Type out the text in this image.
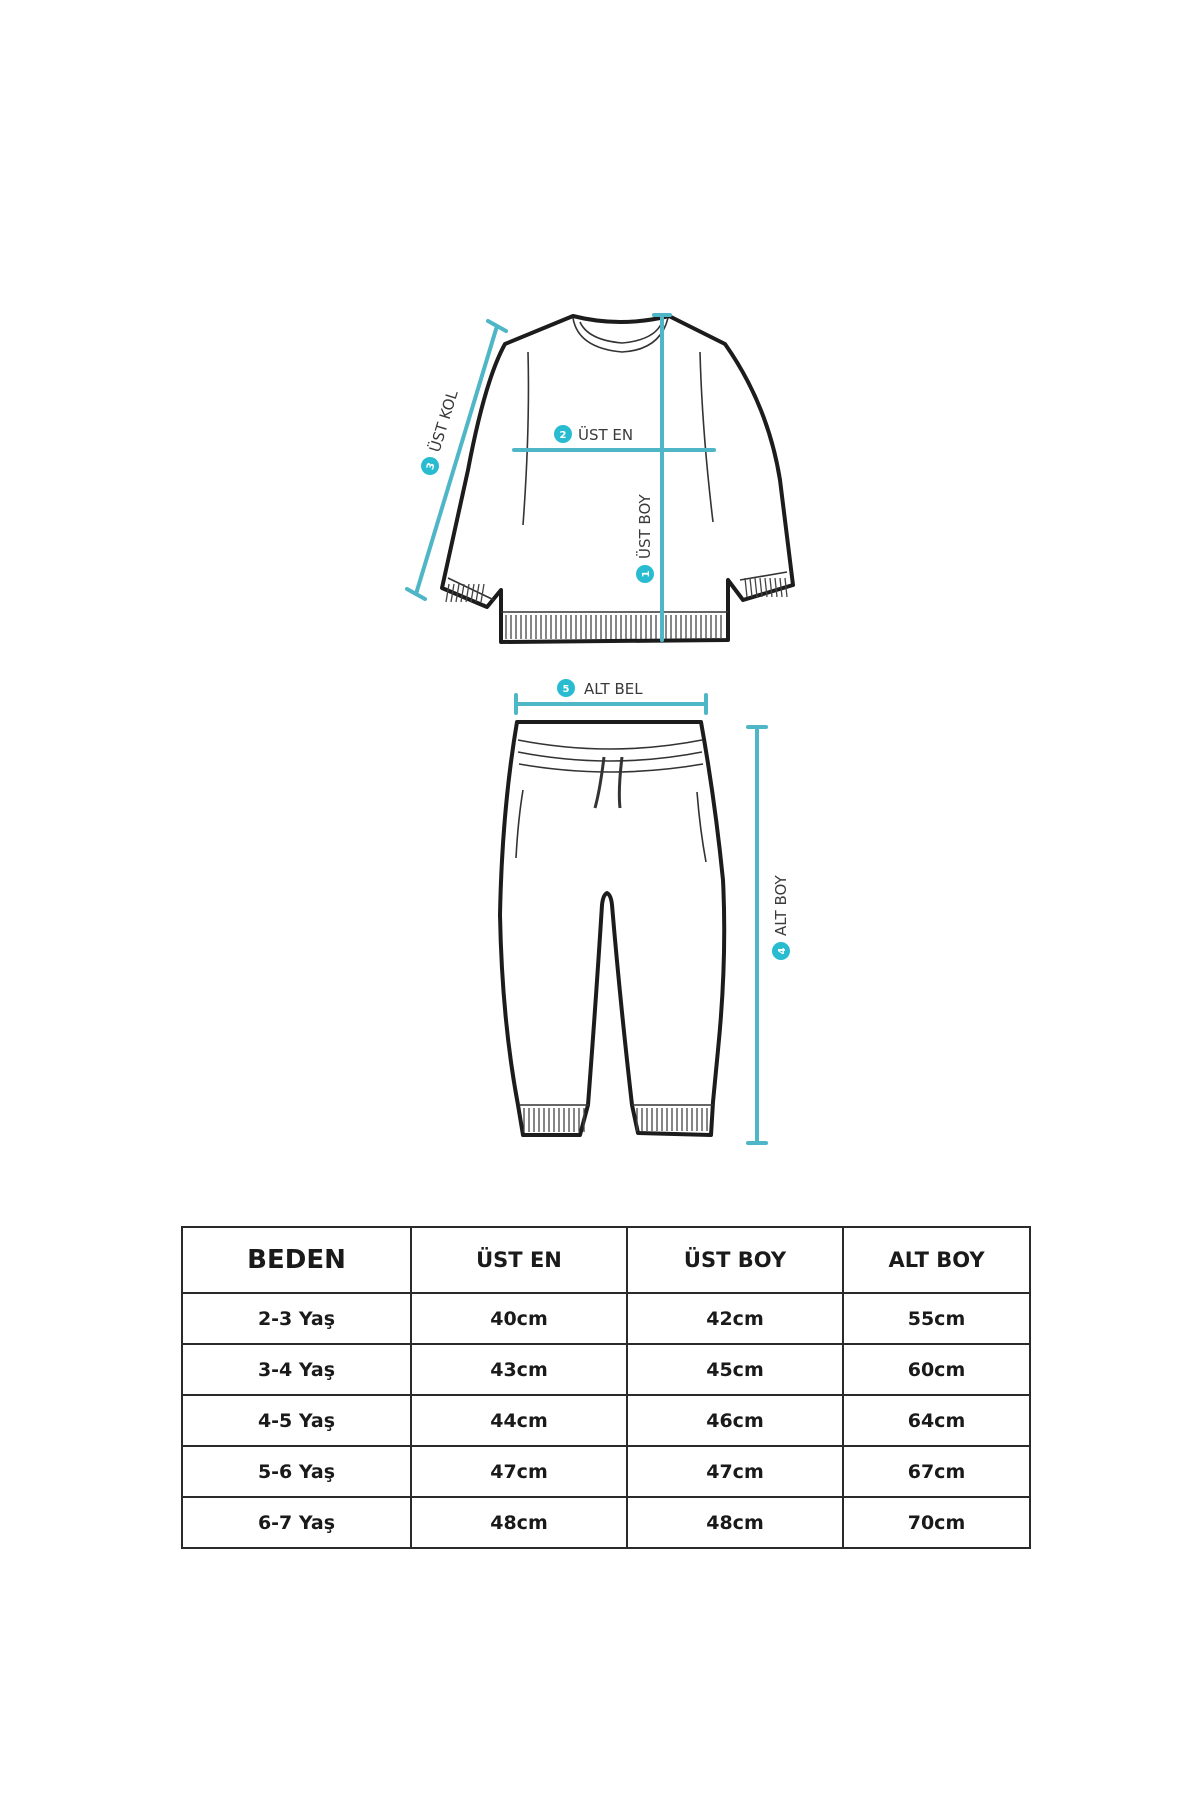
3
ÜST KOL	2 ÜST EN
1
ÜST BOY
5 ALT BEL
4
ALT BOY
BEDEN	ÜST EN	ÜST BOY	ALT BOY
2-3 Yaş	40cm	42cm	55cm
3-4 Yaş	43cm	45cm	60cm
4-5 Yaş	44cm	46cm	64cm
5-6 Yaş	47cm	47cm	67cm
6-7 Yaş	48cm	48cm	70cm
